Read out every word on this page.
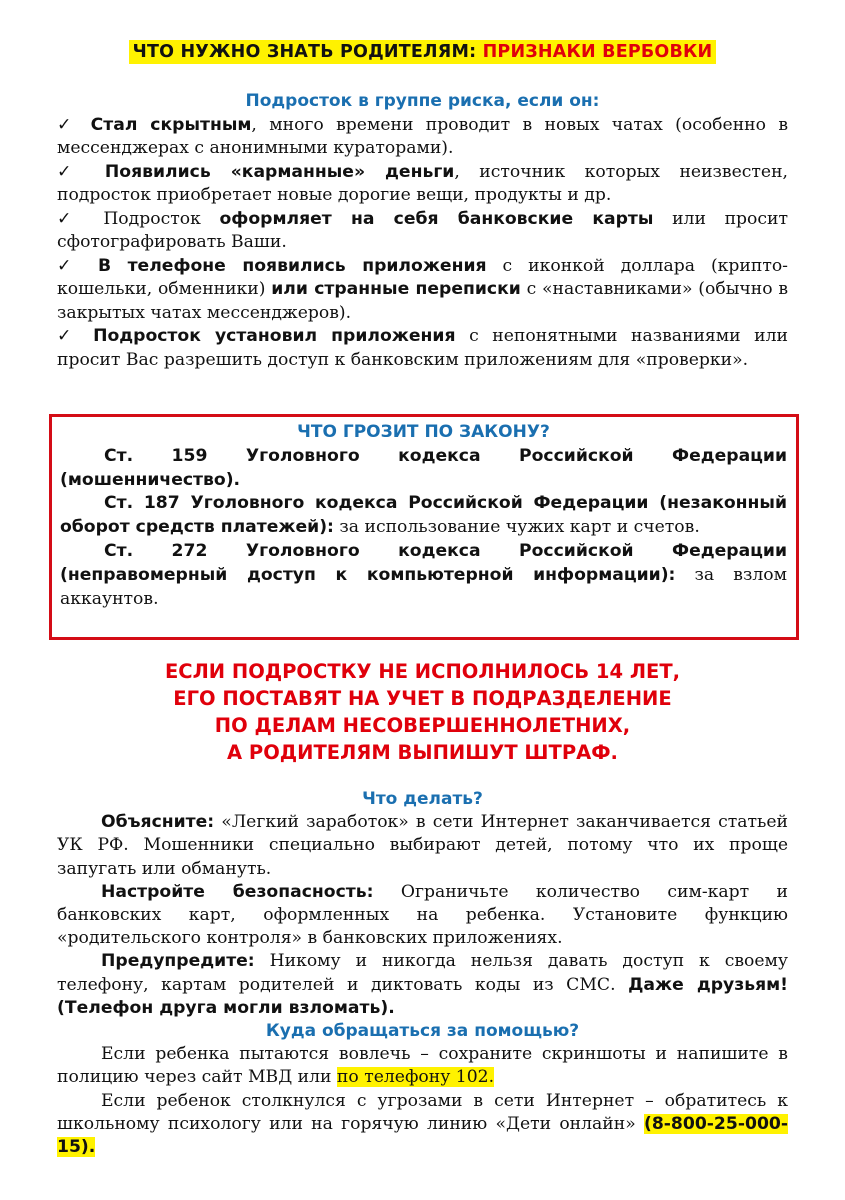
ЧТО НУЖНО ЗНАТЬ РОДИТЕЛЯМ: ПРИЗНАКИ ВЕРБОВКИ
Подросток в группе риска, если он:

✓ Стал скрытным, много времени проводит в новых чатах (особенно в мессенджерах с анонимными кураторами).

✓ Появились «карманные» деньги, источник которых неизвестен, подросток приобретает новые дорогие вещи, продукты и др.

✓ Подросток оформляет на себя банковские карты или просит сфотографировать Ваши.

✓ В телефоне появились приложения с иконкой доллара (крипто-кошельки, обменники) или странные переписки с «наставниками» (обычно в закрытых чатах мессенджеров).

✓ Подросток установил приложения с непонятными названиями или просит Вас разрешить доступ к банковским приложениям для «проверки».

ЧТО ГРОЗИТ ПО ЗАКОНУ?

Ст. 159 Уголовного кодекса Российской Федерации (мошенничество).

Ст. 187 Уголовного кодекса Российской Федерации (незаконный оборот средств платежей): за использование чужих карт и счетов.

Ст. 272 Уголовного кодекса Российской Федерации (неправомерный доступ к компьютерной информации): за взлом аккаунтов.

ЕСЛИ ПОДРОСТКУ НЕ ИСПОЛНИЛОСЬ 14 ЛЕТ,
ЕГО ПОСТАВЯТ НА УЧЕТ В ПОДРАЗДЕЛЕНИЕ
ПО ДЕЛАМ НЕСОВЕРШЕННОЛЕТНИХ,
А РОДИТЕЛЯМ ВЫПИШУТ ШТРАФ.
Что делать?

Объясните: «Легкий заработок» в сети Интернет заканчивается статьей УК РФ. Мошенники специально выбирают детей, потому что их проще запугать или обмануть.

Настройте безопасность: Ограничьте количество сим-карт и банковских карт, оформленных на ребенка. Установите функцию «родительского контроля» в банковских приложениях.

Предупредите: Никому и никогда нельзя давать доступ к своему телефону, картам родителей и диктовать коды из СМС. Даже друзьям! (Телефон друга могли взломать).

Куда обращаться за помощью?

Если ребенка пытаются вовлечь – сохраните скриншоты и напишите в полицию через сайт МВД или по телефону 102.

Если ребенок столкнулся с угрозами в сети Интернет – обратитесь к школьному психологу или на горячую линию «Дети онлайн» (8-800-25-000-15).
